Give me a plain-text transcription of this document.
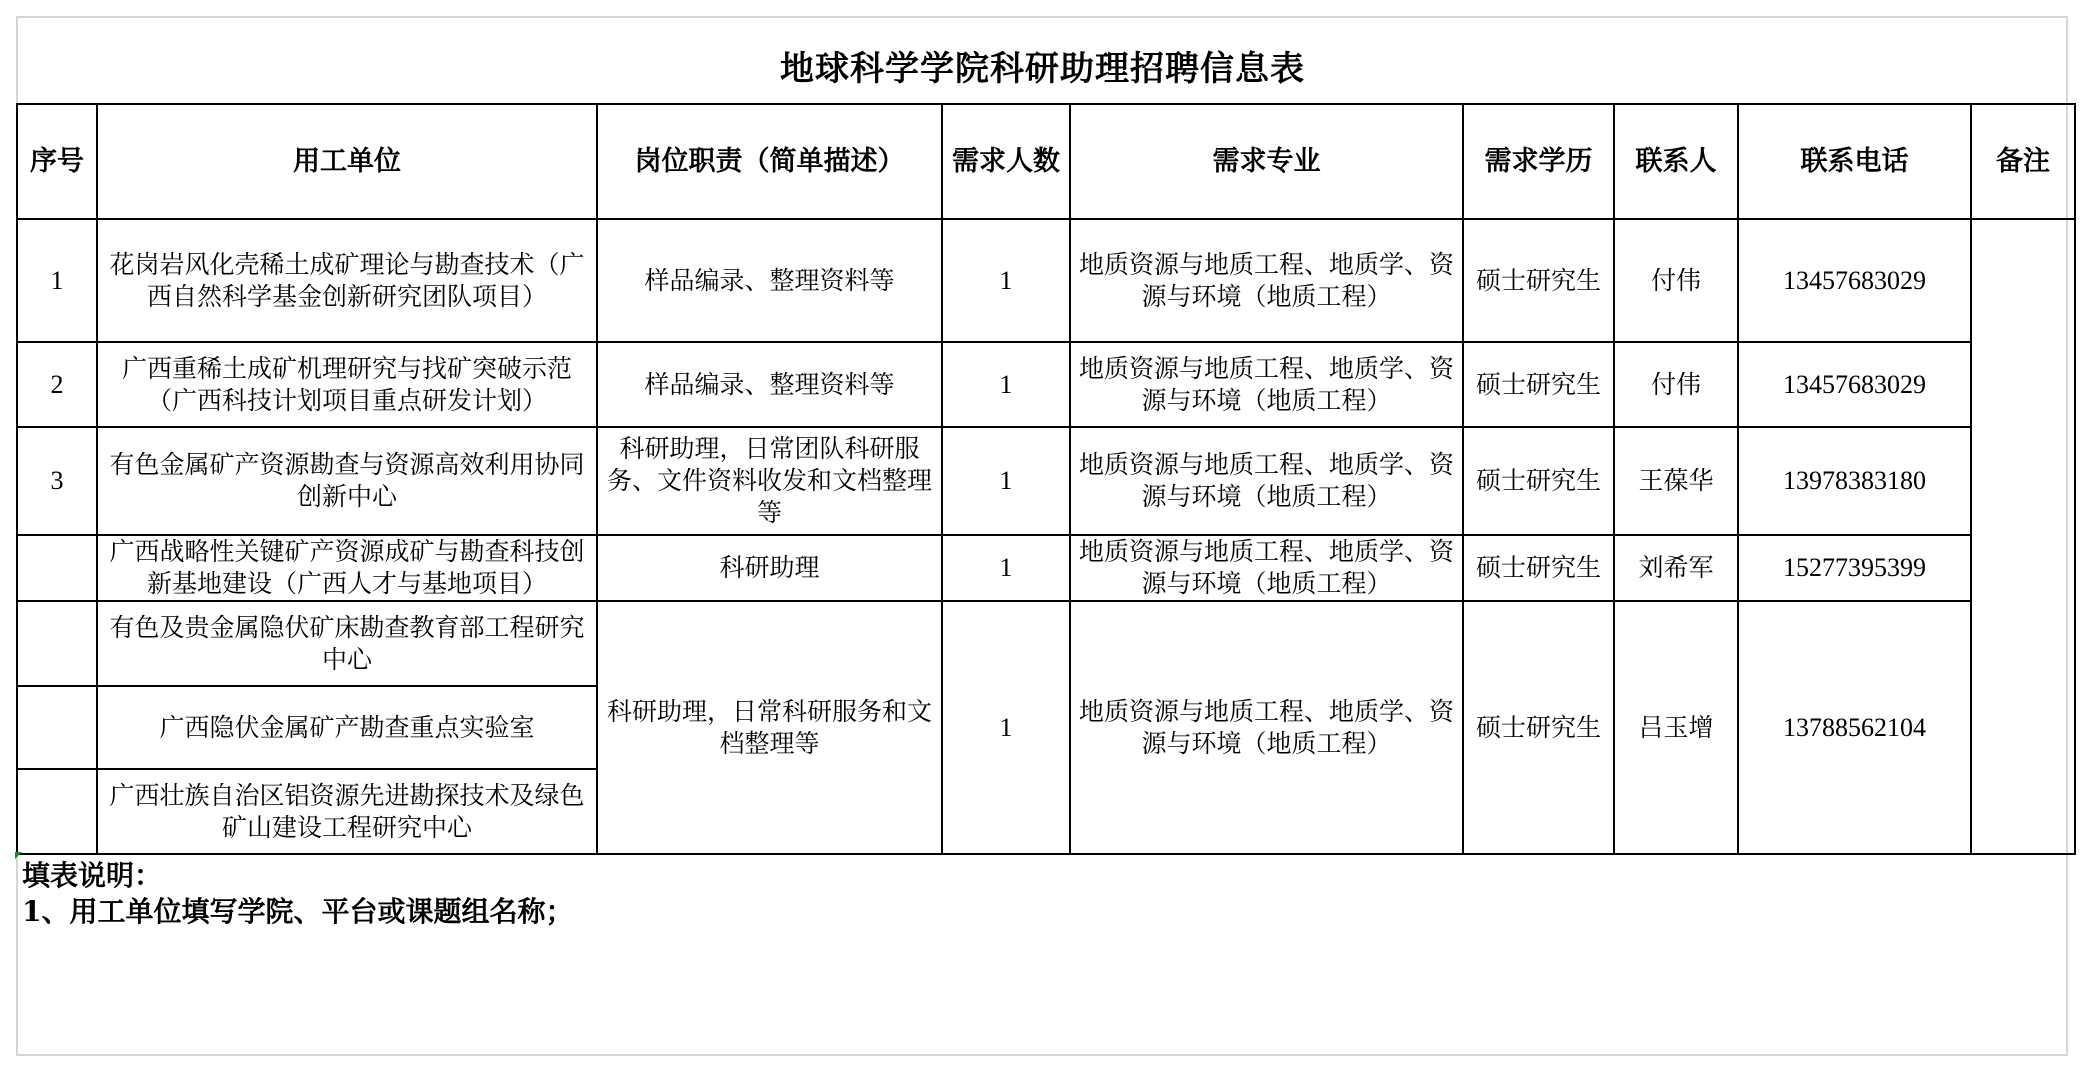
地球科学学院科研助理招聘信息表
序号	用工单位	岗位职责（简单描述）	需求人数	需求专业	需求学历	联系人	联系电话	备注
1	花岗岩风化壳稀土成矿理论与勘查技术（广西自然科学基金创新研究团队项目）	样品编录、整理资料等	1	地质资源与地质工程、地质学、资源与环境（地质工程）	硕士研究生	付伟	13457683029	
2	广西重稀土成矿机理研究与找矿突破示范（广西科技计划项目重点研发计划）	样品编录、整理资料等	1	地质资源与地质工程、地质学、资源与环境（地质工程）	硕士研究生	付伟	13457683029	
3	有色金属矿产资源勘查与资源高效利用协同创新中心	科研助理，日常团队科研服务、文件资料收发和文档整理等	1	地质资源与地质工程、地质学、资源与环境（地质工程）	硕士研究生	王葆华	13978383180	
	广西战略性关键矿产资源成矿与勘查科技创新基地建设（广西人才与基地项目）	科研助理	1	地质资源与地质工程、地质学、资源与环境（地质工程）	硕士研究生	刘希军	15277395399	
	有色及贵金属隐伏矿床勘查教育部工程研究中心	科研助理，日常科研服务和文档整理等	1	地质资源与地质工程、地质学、资源与环境（地质工程）	硕士研究生	吕玉增	13788562104	
	广西隐伏金属矿产勘查重点实验室							
	广西壮族自治区铝资源先进勘探技术及绿色矿山建设工程研究中心							
填表说明：
1、用工单位填写学院、平台或课题组名称；
